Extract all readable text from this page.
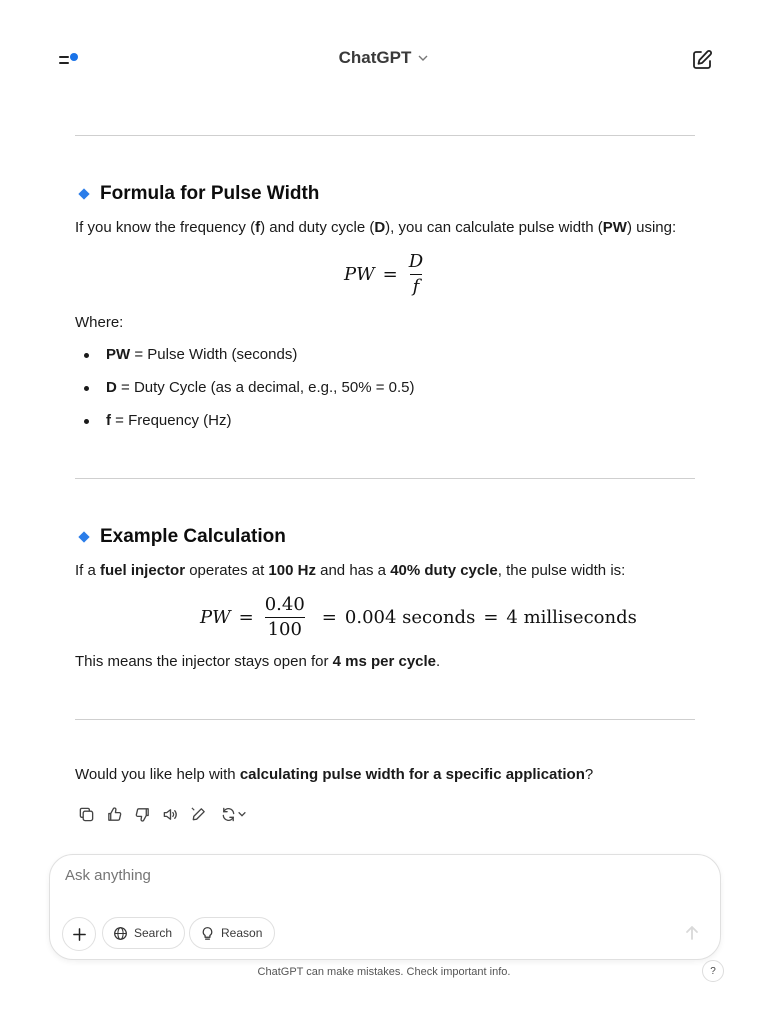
ChatGPT
Formula for Pulse Width
If you know the frequency (f) and duty cycle (D), you can calculate pulse width (PW) using:
PW = $\frac{D}{f}$
Where:
PW = Pulse Width (seconds)
D = Duty Cycle (as a decimal, e.g., 50% = 0.5)
f = Frequency (Hz)
Example Calculation
If a fuel injector operates at 100 Hz and has a 40% duty cycle, the pulse width is:
PW = $\frac{0.40}{100} = 0.004$ seconds = 4 milliseconds
This means the injector stays open for 4 ms per cycle.
Would you like help with calculating pulse width for a specific application?
Ask anything
Search	Reason
ChatGPT can make mistakes. Check important info.	?
